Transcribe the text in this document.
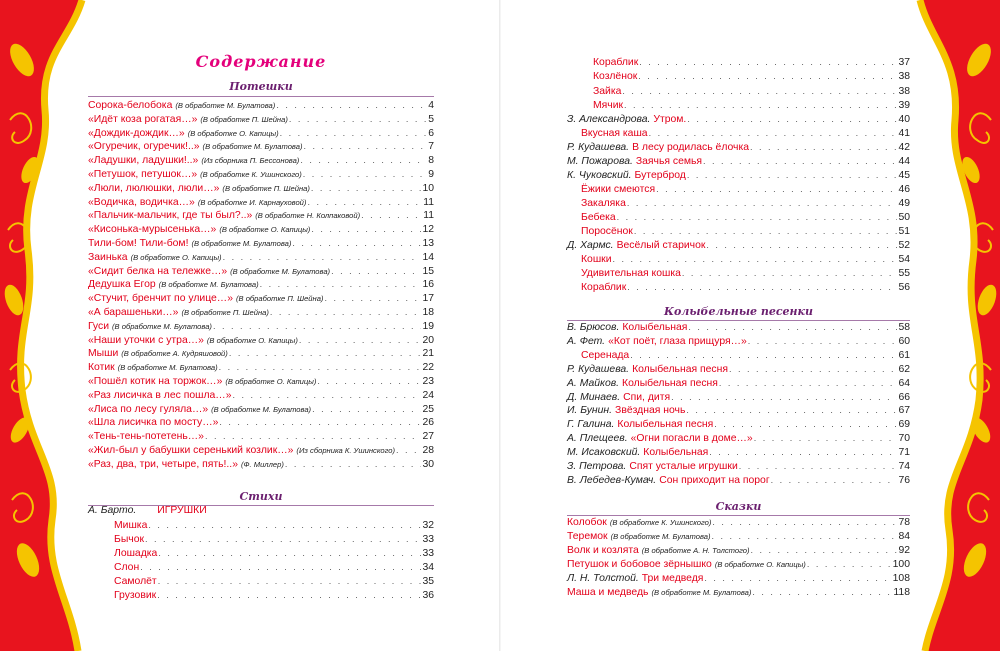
Содержание
Потешки
Сорока-белобока (В обработке М. Булатова) . . .	4
«Идёт коза рогатая…» (В обработке П. Шейна) . . .	5
«Дождик-дождик…» (В обработке О. Капицы) . . .	6
«Огуречик, огуречик!..» (В обработке М. Булатова) . . .	7
«Ладушки, ладушки!..» (Из сборника П. Бессонова) . . .	8
«Петушок, петушок…» (В обработке К. Ушинского) . . .	9
«Люли, люлюшки, люли…» (В обработке П. Шейна) . . .	10
«Водичка, водичка…» (В обработке И. Карнауховой) . . .	11
«Пальчик-мальчик, где ты был?..» (В обработке Н. Колпаковой) . . .	11
«Кисонька-мурысенька…» (В обработке О. Капицы) . . .	12
Тили-бом! Тили-бом! (В обработке М. Булатова) . . .	13
Заинька (В обработке О. Капицы) . . .	14
«Сидит белка на тележке…» (В обработке М. Булатова) . . .	15
Дедушка Егор (В обработке М. Булатова) . . .	16
«Стучит, бренчит по улице…» (В обработке П. Шейна) . . .	17
«А барашеньки…» (В обработке П. Шейна) . . .	18
Гуси (В обработке М. Булатова) . . .	19
«Наши уточки с утра…» (В обработке О. Капицы) . . .	20
Мыши (В обработке А. Кудряшовой) . . .	21
Котик (В обработке М. Булатова) . . .	22
«Пошёл котик на торжок…» (В обработке О. Капицы) . . .	23
«Раз лисичка в лес пошла…» . . .	24
«Лиса по лесу гуляла…» (В обработке М. Булатова) . . .	25
«Шла лисичка по мосту…» . . .	26
«Тень-тень-потетень…» . . .	27
«Жил-был у бабушки серенький козлик…» (Из сборника К. Ушинского) . . .	28
«Раз, два, три, четыре, пять!..» (Ф. Миллер) . . .	30
Стихи
А. Барто. ИГРУШКИ
Мишка . . .	32
Бычок . . .	33
Лошадка . . .	33
Слон . . .	34
Самолёт . . .	35
Грузовик . . .	36
Кораблик . . .	37
Козлёнок . . .	38
Зайка . . .	38
Мячик . . .	39
З. Александрова. Утром. . . .	40
Вкусная каша . . .	41
Р. Кудашева. В лесу родилась ёлочка . . .	42
М. Пожарова. Заячья семья . . .	44
К. Чуковский. Бутерброд . . .	45
Ёжики смеются . . .	46
Закаляка . . .	49
Бебека . . .	50
Поросёнок . . .	51
Д. Хармс. Весёлый старичок . . .	52
Кошки . . .	54
Удивительная кошка . . .	55
Кораблик . . .	56
Колыбельные песенки
В. Брюсов. Колыбельная . . .	58
А. Фет. «Кот поёт, глаза прищуря…» . . .	60
Серенада . . .	61
Р. Кудашева. Колыбельная песня . . .	62
А. Майков. Колыбельная песня . . .	64
Д. Минаев. Спи, дитя . . .	66
И. Бунин. Звёздная ночь . . .	67
Г. Галина. Колыбельная песня . . .	69
А. Плещеев. «Огни погасли в доме…» . . .	70
М. Исаковский. Колыбельная . . .	71
З. Петрова. Спят усталые игрушки . . .	74
В. Лебедев-Кумач. Сон приходит на порог . . .	76
Сказки
Колобок (В обработке К. Ушинского) . . .	78
Теремок (В обработке М. Булатова) . . .	84
Волк и козлята (В обработке А. Н. Толстого) . . .	92
Петушок и бобовое зёрнышко (В обработке О. Капицы) . . .	100
Л. Н. Толстой. Три медведя . . .	108
Маша и медведь (В обработке М. Булатова) . . .	118
